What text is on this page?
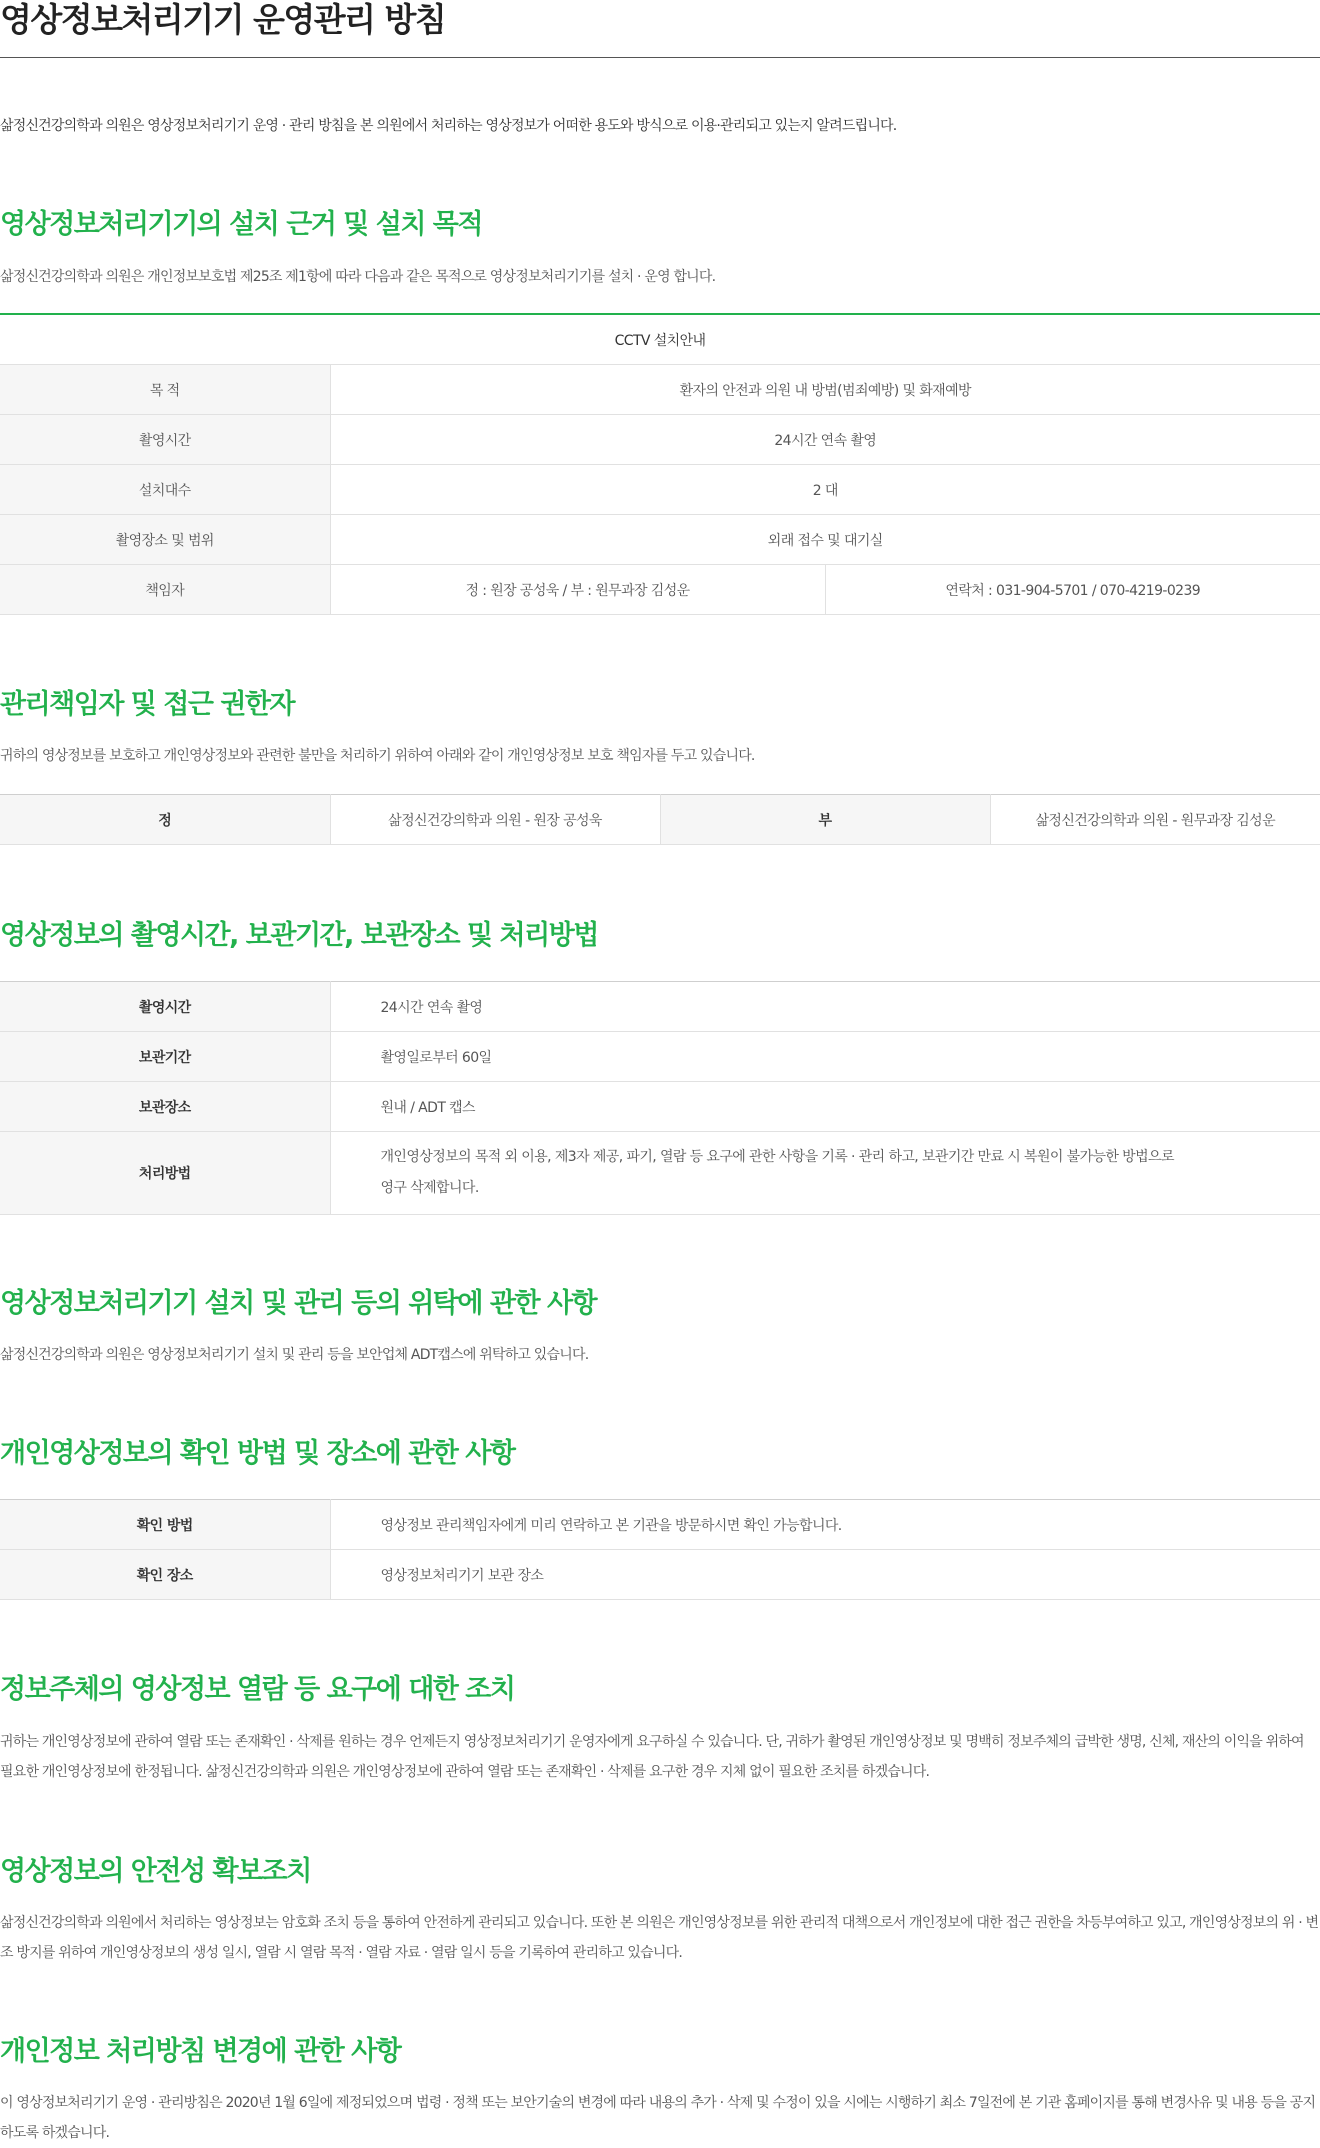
영상정보처리기기 운영관리 방침

삶정신건강의학과 의원은 영상정보처리기기 운영 · 관리 방침을 본 의원에서 처리하는 영상정보가 어떠한 용도와 방식으로 이용·관리되고 있는지 알려드립니다.

영상정보처리기기의 설치 근거 및 설치 목적

삶정신건강의학과 의원은 개인정보보호법 제25조 제1항에 따라 다음과 같은 목적으로 영상정보처리기기를 설치 · 운영 합니다.

CCTV 설치안내		
목 적	환자의 안전과 의원 내 방범(범죄예방) 및 화재예방	
촬영시간	24시간 연속 촬영	
설치대수	2 대	
촬영장소 및 범위	외래 접수 및 대기실	
책임자	정 : 원장 공성욱 / 부 : 원무과장 김성운	연락처 : 031-904-5701 / 070-4219-0239
관리책임자 및 접근 권한자

귀하의 영상정보를 보호하고 개인영상정보와 관련한 불만을 처리하기 위하여 아래와 같이 개인영상정보 보호 책임자를 두고 있습니다.

정	삶정신건강의학과 의원 - 원장 공성욱	부	삶정신건강의학과 의원 - 원무과장 김성운
영상정보의 촬영시간, 보관기간, 보관장소 및 처리방법
촬영시간	24시간 연속 촬영
보관기간	촬영일로부터 60일
보관장소	원내 / ADT 캡스
처리방법	개인영상정보의 목적 외 이용, 제3자 제공, 파기, 열람 등 요구에 관한 사항을 기록 · 관리 하고, 보관기간 만료 시 복원이 불가능한 방법으로
영구 삭제합니다.
영상정보처리기기 설치 및 관리 등의 위탁에 관한 사항

삶정신건강의학과 의원은 영상정보처리기기 설치 및 관리 등을 보안업체 ADT캡스에 위탁하고 있습니다.

개인영상정보의 확인 방법 및 장소에 관한 사항
확인 방법	영상정보 관리책임자에게 미리 연락하고 본 기관을 방문하시면 확인 가능합니다.
확인 장소	영상정보처리기기 보관 장소
정보주체의 영상정보 열람 등 요구에 대한 조치

귀하는 개인영상정보에 관하여 열람 또는 존재확인 · 삭제를 원하는 경우 언제든지 영상정보처리기기 운영자에게 요구하실 수 있습니다. 단, 귀하가 촬영된 개인영상정보 및 명백히 정보주체의 급박한 생명, 신체, 재산의 이익을 위하여 필요한 개인영상정보에 한정됩니다. 삶정신건강의학과 의원은 개인영상정보에 관하여 열람 또는 존재확인 · 삭제를 요구한 경우 지체 없이 필요한 조치를 하겠습니다.

영상정보의 안전성 확보조치

삶정신건강의학과 의원에서 처리하는 영상정보는 암호화 조치 등을 통하여 안전하게 관리되고 있습니다. 또한 본 의원은 개인영상정보를 위한 관리적 대책으로서 개인정보에 대한 접근 권한을 차등부여하고 있고, 개인영상정보의 위 · 변조 방지를 위하여 개인영상정보의 생성 일시, 열람 시 열람 목적 · 열람 자료 · 열람 일시 등을 기록하여 관리하고 있습니다.

개인정보 처리방침 변경에 관한 사항

이 영상정보처리기기 운영 · 관리방침은 2020년 1월 6일에 제정되었으며 법령 · 정책 또는 보안기술의 변경에 따라 내용의 추가 · 삭제 및 수정이 있을 시에는 시행하기 최소 7일전에 본 기관 홈페이지를 통해 변경사유 및 내용 등을 공지하도록 하겠습니다.
